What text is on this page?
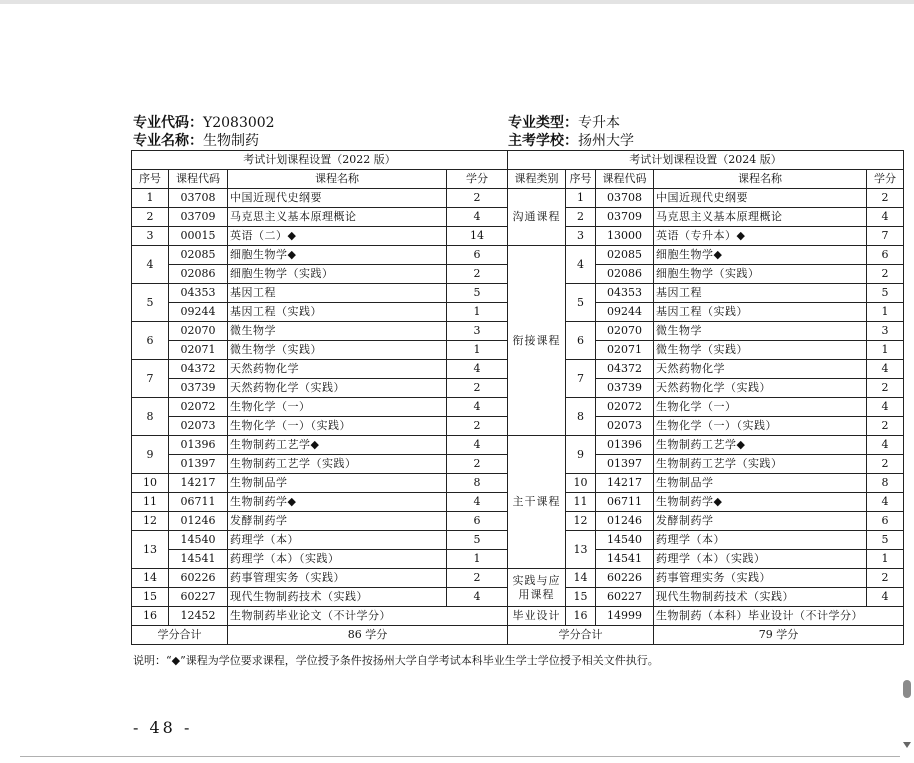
专业代码：Y2083002	专业类型：专升本
专业名称：生物制药	主考学校：扬州大学
考试计划课程设置（2022 版）			
序号	课程代码	课程名称	学分
1	03708	中国近现代史纲要	2
2	03709	马克思主义基本原理概论	4
3	00015	英语（二）◆	14
4	02085	细胞生物学◆	6
	02086	细胞生物学（实践）	2
5	04353	基因工程	5
	09244	基因工程（实践）	1
6	02070	微生物学	3
	02071	微生物学（实践）	1
7	04372	天然药物化学	4
	03739	天然药物化学（实践）	2
8	02072	生物化学（一）	4
	02073	生物化学（一）（实践）	2
9	01396	生物制药工艺学◆	4
	01397	生物制药工艺学（实践）	2
10	14217	生物制品学	8
11	06711	生物制药学◆	4
12	01246	发酵制药学	6
13	14540	药理学（本）	5
	14541	药理学（本）（实践）	1
14	60226	药事管理实务（实践）	2
15	60227	现代生物制药技术（实践）	4
16	12452	生物制药毕业论文（不计学分）	
学分合计		86 学分	
考试计划课程设置（2024 版）				
课程类别	序号	课程代码	课程名称	学分
沟通课程	1	03708	中国近现代史纲要	2
	2	03709	马克思主义基本原理概论	4
	3	13000	英语（专升本）◆	7
衔接课程	4	02085	细胞生物学◆	6
		02086	细胞生物学（实践）	2
	5	04353	基因工程	5
		09244	基因工程（实践）	1
	6	02070	微生物学	3
		02071	微生物学（实践）	1
	7	04372	天然药物化学	4
		03739	天然药物化学（实践）	2
	8	02072	生物化学（一）	4
		02073	生物化学（一）（实践）	2
主干课程	9	01396	生物制药工艺学◆	4
		01397	生物制药工艺学（实践）	2
	10	14217	生物制品学	8
	11	06711	生物制药学◆	4
	12	01246	发酵制药学	6
	13	14540	药理学（本）	5
		14541	药理学（本）（实践）	1
实践与应用课程	14	60226	药事管理实务（实践）	2
	15	60227	现代生物制药技术（实践）	4
毕业设计	16	14999	生物制药（本科）毕业设计（不计学分）	
学分合计			79 学分	
说明：“◆”课程为学位要求课程，学位授予条件按扬州大学自学考试本科毕业生学士学位授予相关文件执行。
- 48 -
